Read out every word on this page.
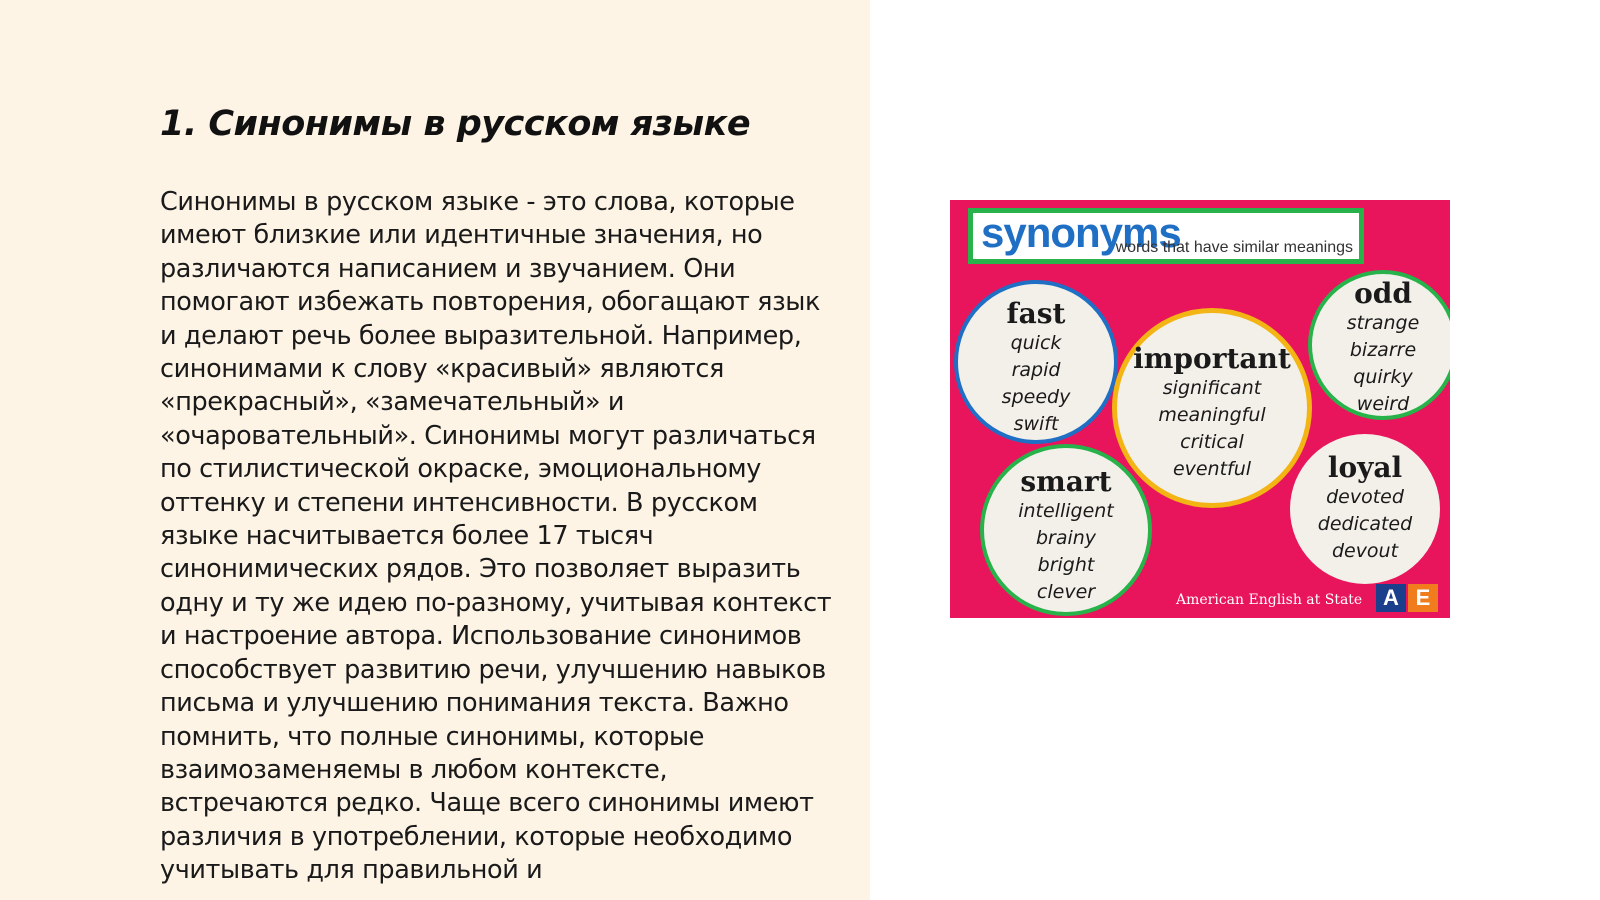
1. Синонимы в русском языке

Синонимы в русском языке - это слова, которые имеют близкие или идентичные значения, но различаются написанием и звучанием. Они помогают избежать повторения, обогащают язык и делают речь более выразительной. Например, синонимами к слову «красивый» являются «прекрасный», «замечательный» и «очаровательный». Синонимы могут различаться по стилистической окраске, эмоциональному оттенку и степени интенсивности. В русском языке насчитывается более 17 тысяч синонимических рядов. Это позволяет выразить одну и ту же идею по-разному, учитывая контекст и настроение автора. Использование синонимов способствует развитию речи, улучшению навыков письма и улучшению понимания текста. Важно помнить, что полные синонимы, которые взаимозаменяемы в любом контексте, встречаются редко. Чаще всего синонимы имеют различия в употреблении, которые необходимо учитывать для правильной и

synonyms
words that have similar meanings
fast
quick
rapid
speedy
swift
important
significant
meaningful
critical
eventful
odd
strange
bizarre
quirky
weird
smart
intelligent
brainy
bright
clever
loyal
devoted
dedicated
devout
American English at State A E
